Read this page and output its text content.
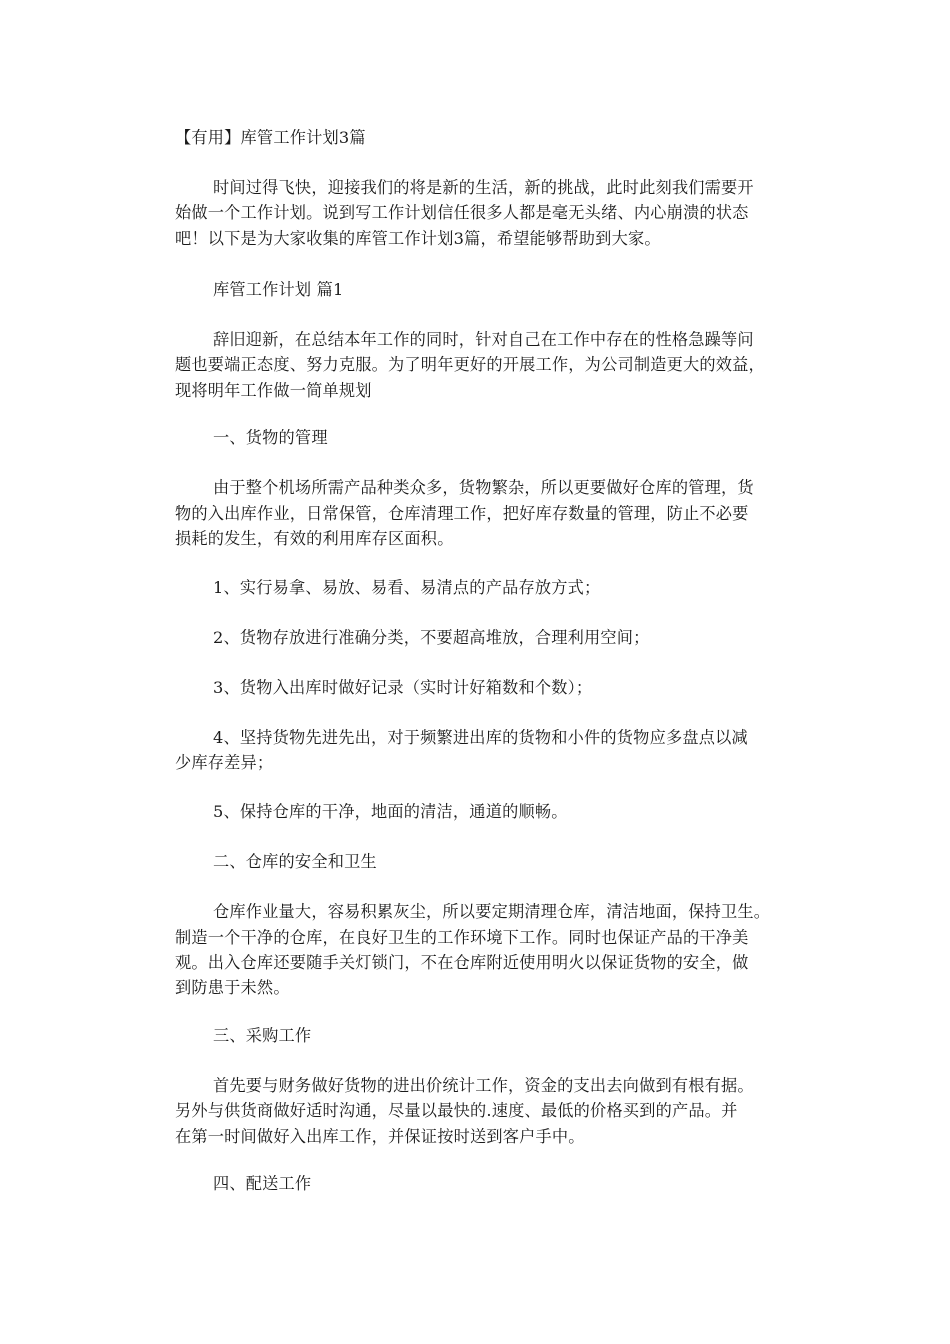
【有用】库管工作计划3篇
时间过得飞快，迎接我们的将是新的生活，新的挑战，此时此刻我们需要开
始做一个工作计划。说到写工作计划信任很多人都是毫无头绪、内心崩溃的状态
吧！以下是为大家收集的库管工作计划3篇，希望能够帮助到大家。
库管工作计划 篇1
辞旧迎新，在总结本年工作的同时，针对自己在工作中存在的性格急躁等问
题也要端正态度、努力克服。为了明年更好的开展工作，为公司制造更大的效益，
现将明年工作做一简单规划
一、货物的管理
由于整个机场所需产品种类众多，货物繁杂，所以更要做好仓库的管理，货
物的入出库作业，日常保管，仓库清理工作，把好库存数量的管理，防止不必要
损耗的发生，有效的利用库存区面积。
1、实行易拿、易放、易看、易清点的产品存放方式；
2、货物存放进行准确分类，不要超高堆放，合理利用空间；
3、货物入出库时做好记录（实时计好箱数和个数）；
4、坚持货物先进先出，对于频繁进出库的货物和小件的货物应多盘点以减
少库存差异；
5、保持仓库的干净，地面的清洁，通道的顺畅。
二、仓库的安全和卫生
仓库作业量大，容易积累灰尘，所以要定期清理仓库，清洁地面，保持卫生。
制造一个干净的仓库，在良好卫生的工作环境下工作。同时也保证产品的干净美
观。出入仓库还要随手关灯锁门，不在仓库附近使用明火以保证货物的安全，做
到防患于未然。
三、采购工作
首先要与财务做好货物的进出价统计工作，资金的支出去向做到有根有据。
另外与供货商做好适时沟通，尽量以最快的.速度、最低的价格买到的产品。并
在第一时间做好入出库工作，并保证按时送到客户手中。
四、配送工作
